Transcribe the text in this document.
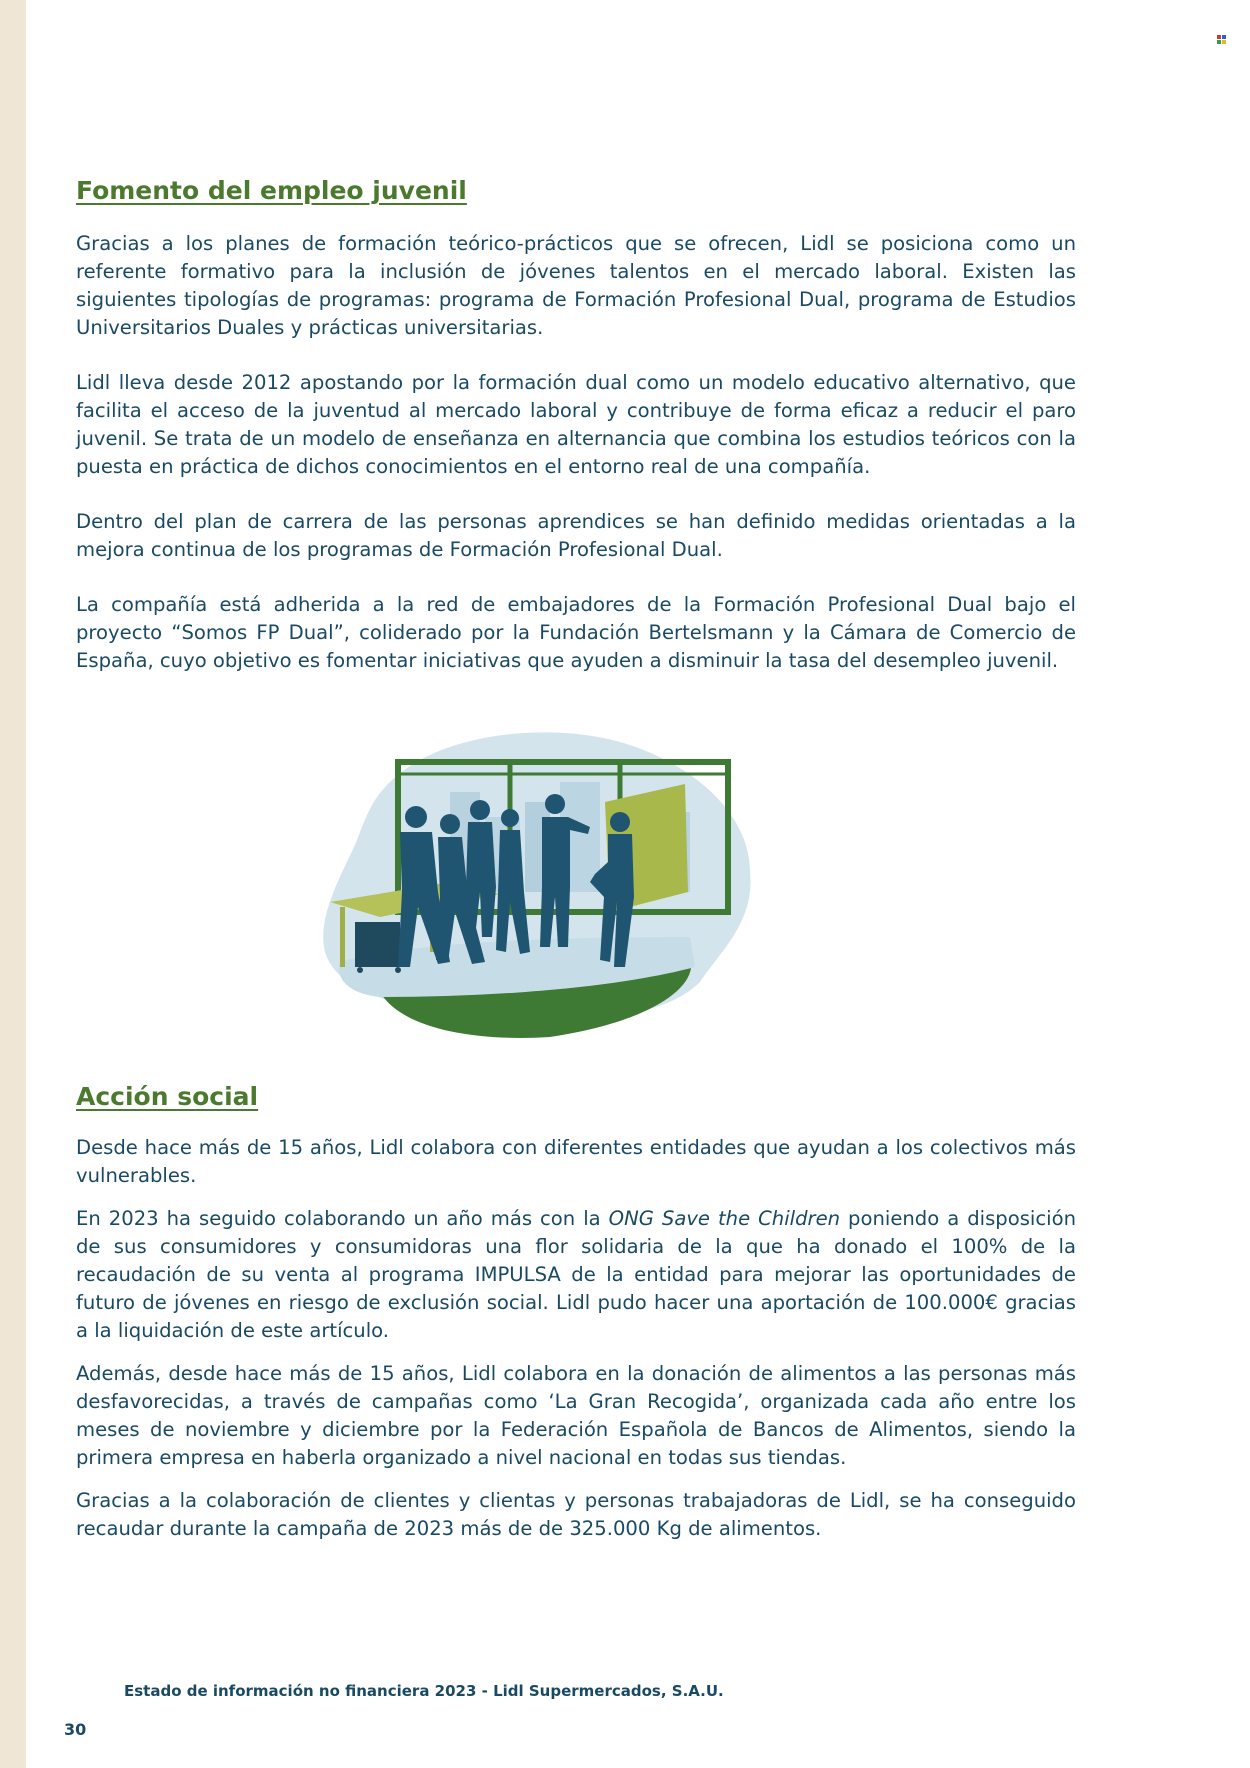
Fomento del empleo juvenil

Gracias a los planes de formación teórico-prácticos que se ofrecen, Lidl se posiciona como un referente formativo para la inclusión de jóvenes talentos en el mercado laboral. Existen las siguientes tipologías de programas: programa de Formación Profesional Dual, programa de Estudios Universitarios Duales y prácticas universitarias.

Lidl lleva desde 2012 apostando por la formación dual como un modelo educativo alternativo, que facilita el acceso de la juventud al mercado laboral y contribuye de forma eficaz a reducir el paro juvenil. Se trata de un modelo de enseñanza en alternancia que combina los estudios teóricos con la puesta en práctica de dichos conocimientos en el entorno real de una compañía.

Dentro del plan de carrera de las personas aprendices se han definido medidas orientadas a la mejora continua de los programas de Formación Profesional Dual.

La compañía está adherida a la red de embajadores de la Formación Profesional Dual bajo el proyecto “Somos FP Dual”, coliderado por la Fundación Bertelsmann y la Cámara de Comercio de España, cuyo objetivo es fomentar iniciativas que ayuden a disminuir la tasa del desempleo juvenil.

Acción social

Desde hace más de 15 años, Lidl colabora con diferentes entidades que ayudan a los colectivos más vulnerables.

En 2023 ha seguido colaborando un año más con la ONG Save the Children poniendo a disposición de sus consumidores y consumidoras una flor solidaria de la que ha donado el 100% de la recaudación de su venta al programa IMPULSA de la entidad para mejorar las oportunidades de futuro de jóvenes en riesgo de exclusión social. Lidl pudo hacer una aportación de 100.000€ gracias a la liquidación de este artículo.

Además, desde hace más de 15 años, Lidl colabora en la donación de alimentos a las personas más desfavorecidas, a través de campañas como ‘La Gran Recogida’, organizada cada año entre los meses de noviembre y diciembre por la Federación Española de Bancos de Alimentos, siendo la primera empresa en haberla organizado a nivel nacional en todas sus tiendas.

Gracias a la colaboración de clientes y clientas y personas trabajadoras de Lidl, se ha conseguido recaudar durante la campaña de 2023 más de de 325.000 Kg de alimentos.

Estado de información no financiera 2023 - Lidl Supermercados, S.A.U.
30
